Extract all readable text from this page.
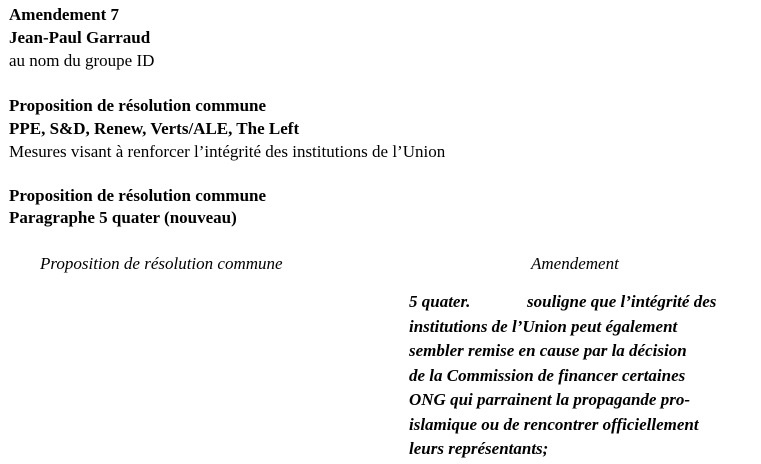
Amendement 7
Jean-Paul Garraud
au nom du groupe ID
Proposition de résolution commune
PPE, S&D, Renew, Verts/ALE, The Left
Mesures visant à renforcer l’intégrité des institutions de l’Union
Proposition de résolution commune
Paragraphe 5 quater (nouveau)
Proposition de résolution commune	Amendement
5 quater.	souligne que l’intégrité des
institutions de l’Union peut également
sembler remise en cause par la décision
de la Commission de financer certaines
ONG qui parrainent la propagande pro-
islamique ou de rencontrer officiellement
leurs représentants;
